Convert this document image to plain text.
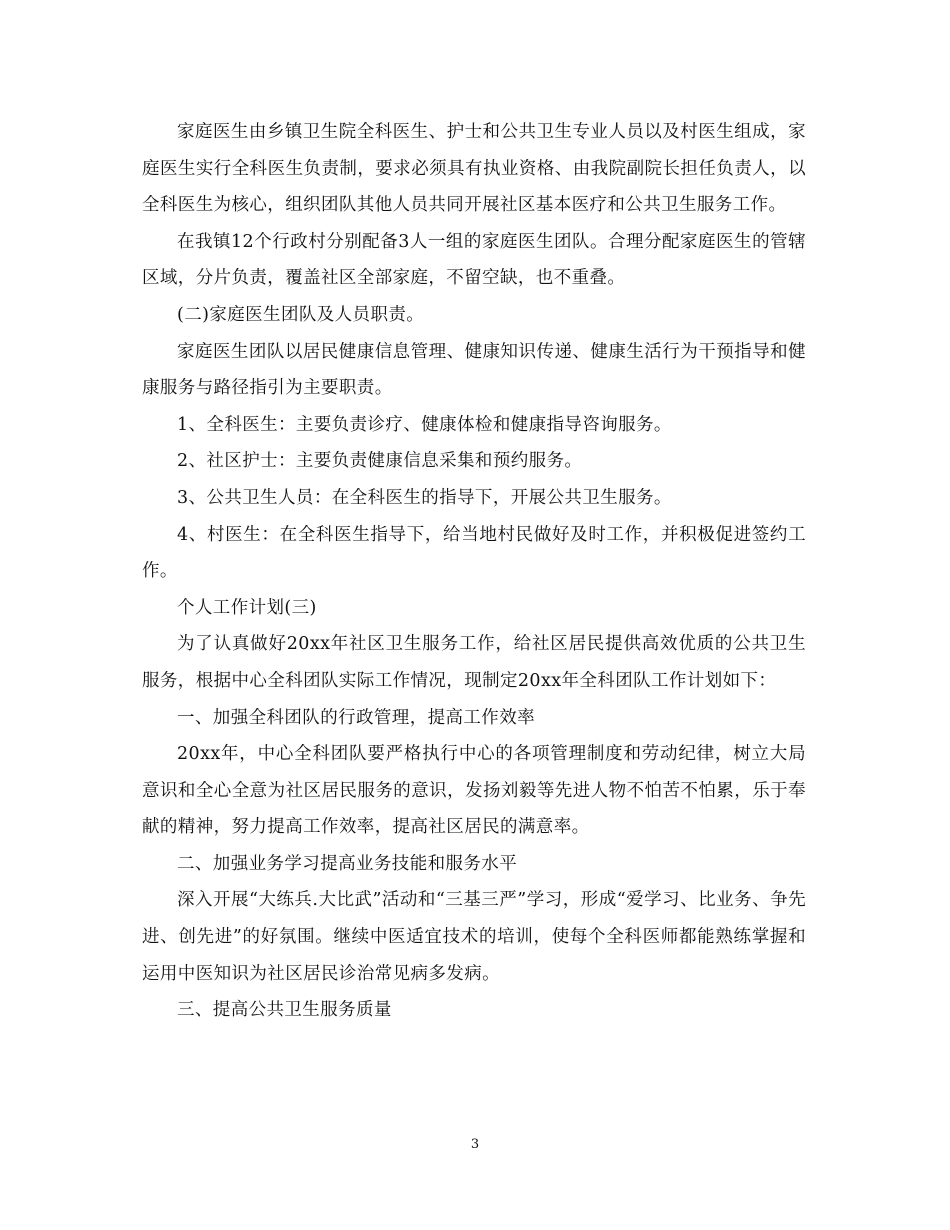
家庭医生由乡镇卫生院全科医生、护士和公共卫生专业人员以及村医生组成，家庭医生实行全科医生负责制，要求必须具有执业资格、由我院副院长担任负责人，以全科医生为核心，组织团队其他人员共同开展社区基本医疗和公共卫生服务工作。

在我镇12个行政村分别配备3人一组的家庭医生团队。合理分配家庭医生的管辖区域，分片负责，覆盖社区全部家庭，不留空缺，也不重叠。

(二)家庭医生团队及人员职责。

家庭医生团队以居民健康信息管理、健康知识传递、健康生活行为干预指导和健康服务与路径指引为主要职责。

1、全科医生：主要负责诊疗、健康体检和健康指导咨询服务。

2、社区护士：主要负责健康信息采集和预约服务。

3、公共卫生人员：在全科医生的指导下，开展公共卫生服务。

4、村医生：在全科医生指导下，给当地村民做好及时工作，并积极促进签约工作。

个人工作计划(三)

为了认真做好20xx年社区卫生服务工作，给社区居民提供高效优质的公共卫生服务，根据中心全科团队实际工作情况，现制定20xx年全科团队工作计划如下：

一、加强全科团队的行政管理，提高工作效率

20xx年，中心全科团队要严格执行中心的各项管理制度和劳动纪律，树立大局意识和全心全意为社区居民服务的意识，发扬刘毅等先进人物不怕苦不怕累，乐于奉献的精神，努力提高工作效率，提高社区居民的满意率。

二、加强业务学习提高业务技能和服务水平

深入开展“大练兵.大比武”活动和“三基三严”学习，形成“爱学习、比业务、争先进、创先进”的好氛围。继续中医适宜技术的培训，使每个全科医师都能熟练掌握和运用中医知识为社区居民诊治常见病多发病。

三、提高公共卫生服务质量

3
